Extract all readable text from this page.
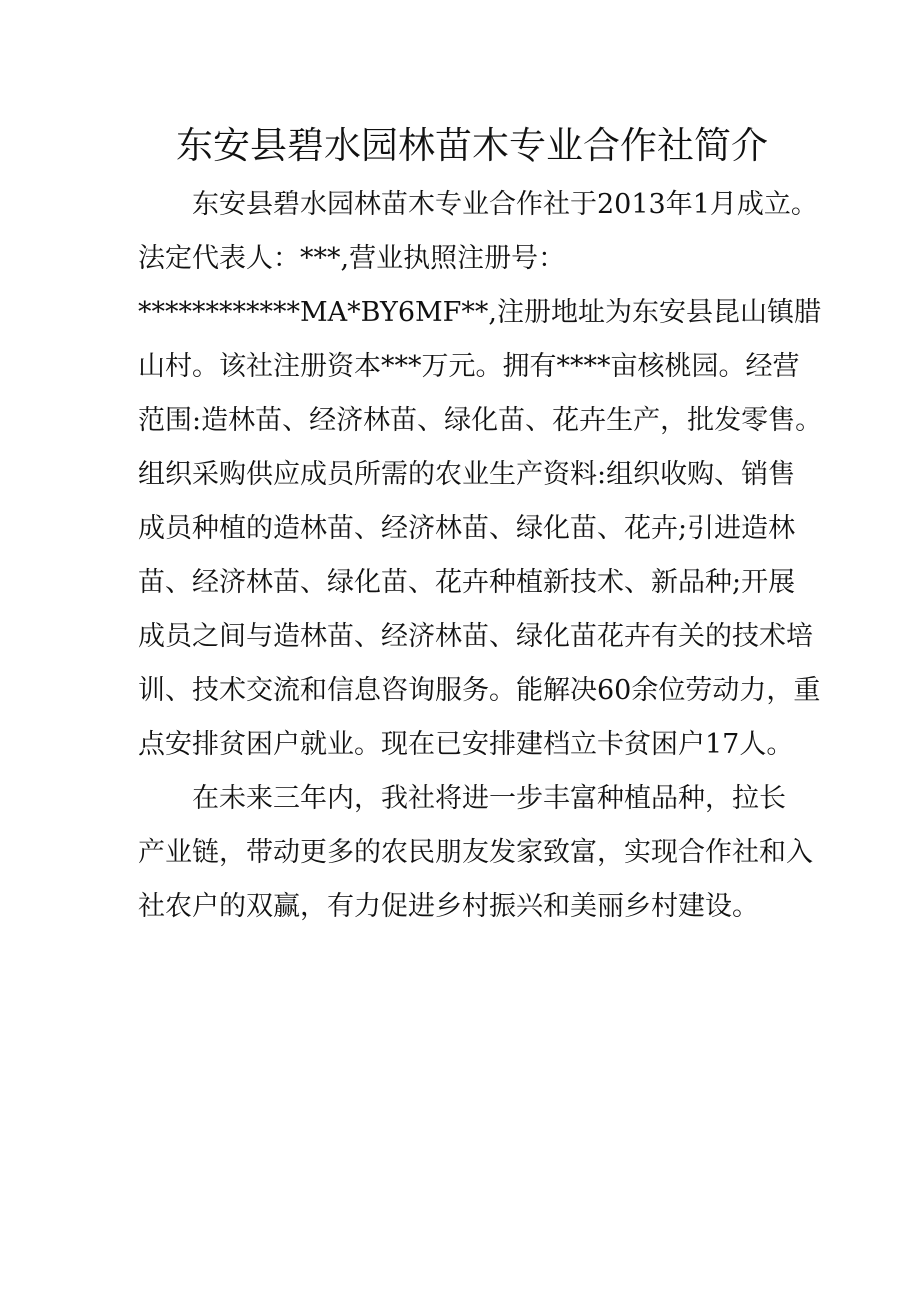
东安县碧水园林苗木专业合作社简介

东安县碧水园林苗木专业合作社于2013年1月成立。

法定代表人：***,营业执照注册号：

************MA*BY6MF**,注册地址为东安县昆山镇腊

山村。该社注册资本***万元。拥有****亩核桃园。经营

范围:造林苗、经济林苗、绿化苗、花卉生产，批发零售。

组织采购供应成员所需的农业生产资料:组织收购、销售

成员种植的造林苗、经济林苗、绿化苗、花卉;引进造林

苗、经济林苗、绿化苗、花卉种植新技术、新品种;开展

成员之间与造林苗、经济林苗、绿化苗花卉有关的技术培

训、技术交流和信息咨询服务。能解决60余位劳动力，重

点安排贫困户就业。现在已安排建档立卡贫困户17人。

在未来三年内，我社将进一步丰富种植品种，拉长

产业链，带动更多的农民朋友发家致富，实现合作社和入

社农户的双赢，有力促进乡村振兴和美丽乡村建设。
